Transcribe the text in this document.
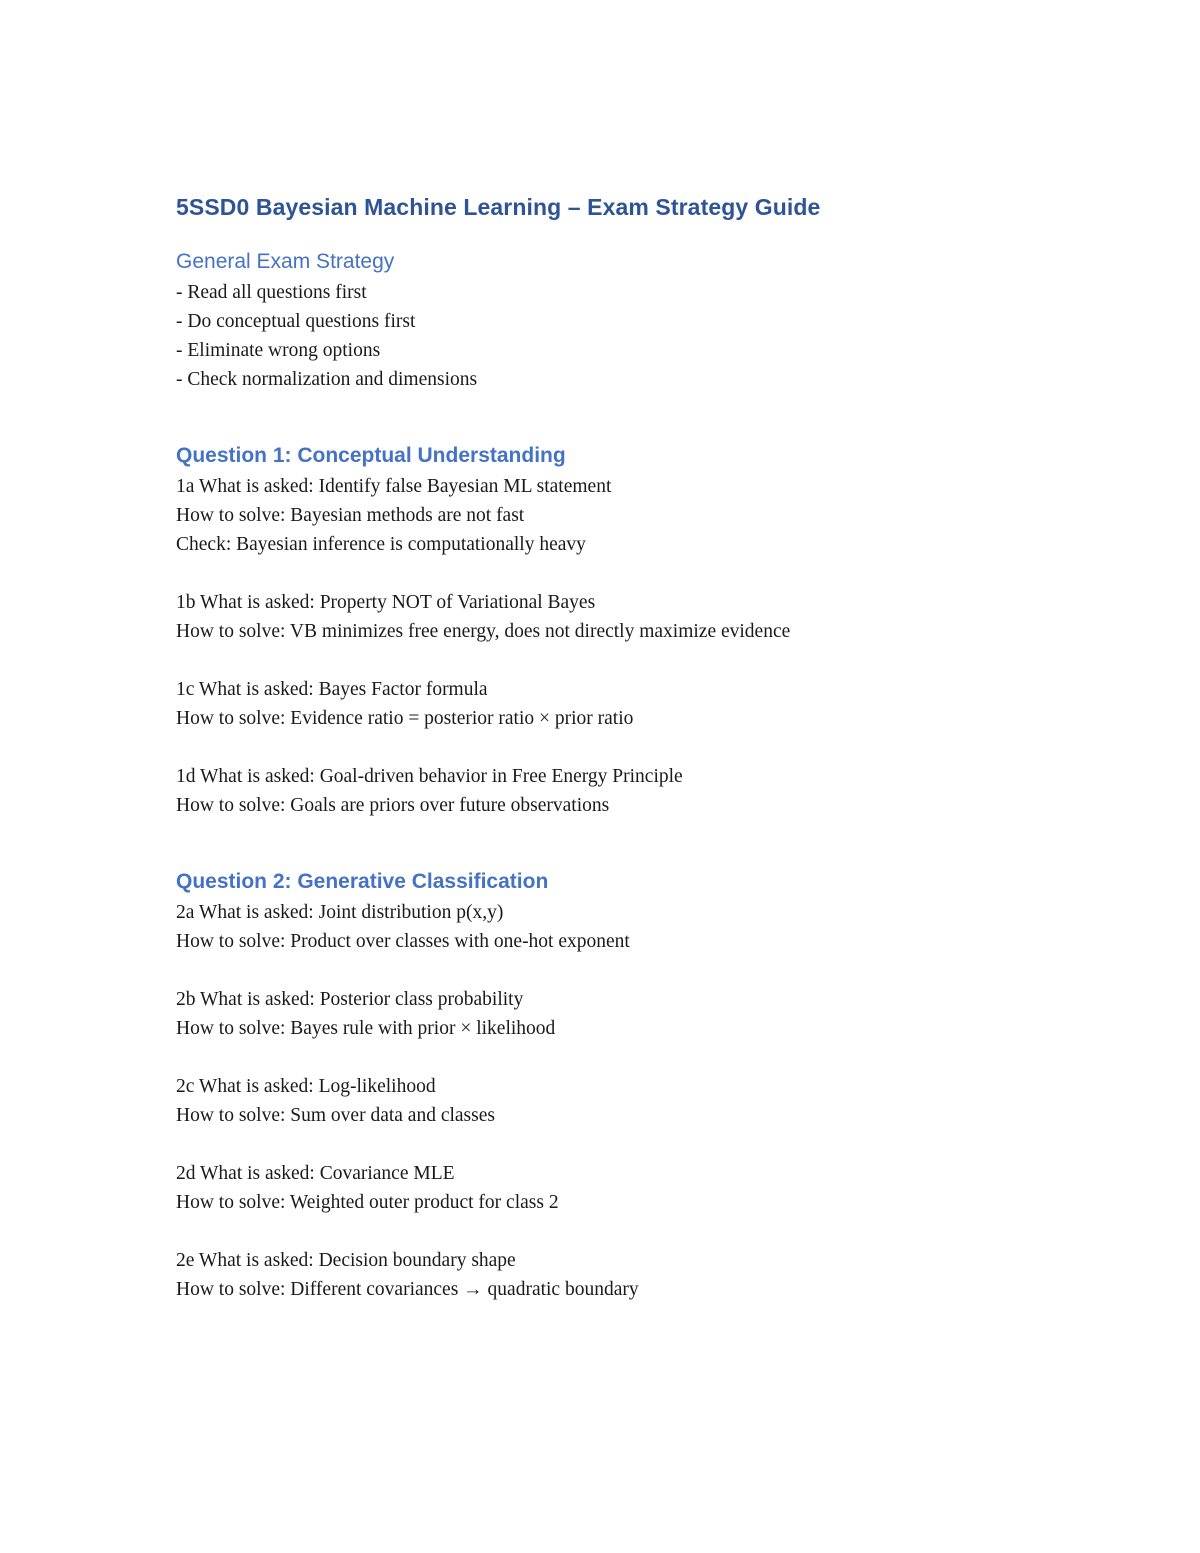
5SSD0 Bayesian Machine Learning – Exam Strategy Guide
General Exam Strategy

- Read all questions first

- Do conceptual questions first

- Eliminate wrong options

- Check normalization and dimensions

Question 1: Conceptual Understanding

1a What is asked: Identify false Bayesian ML statement

How to solve: Bayesian methods are not fast

Check: Bayesian inference is computationally heavy

1b What is asked: Property NOT of Variational Bayes

How to solve: VB minimizes free energy, does not directly maximize evidence

1c What is asked: Bayes Factor formula

How to solve: Evidence ratio = posterior ratio × prior ratio

1d What is asked: Goal-driven behavior in Free Energy Principle

How to solve: Goals are priors over future observations

Question 2: Generative Classification

2a What is asked: Joint distribution p(x,y)

How to solve: Product over classes with one-hot exponent

2b What is asked: Posterior class probability

How to solve: Bayes rule with prior × likelihood

2c What is asked: Log-likelihood

How to solve: Sum over data and classes

2d What is asked: Covariance MLE

How to solve: Weighted outer product for class 2

2e What is asked: Decision boundary shape

How to solve: Different covariances → quadratic boundary
